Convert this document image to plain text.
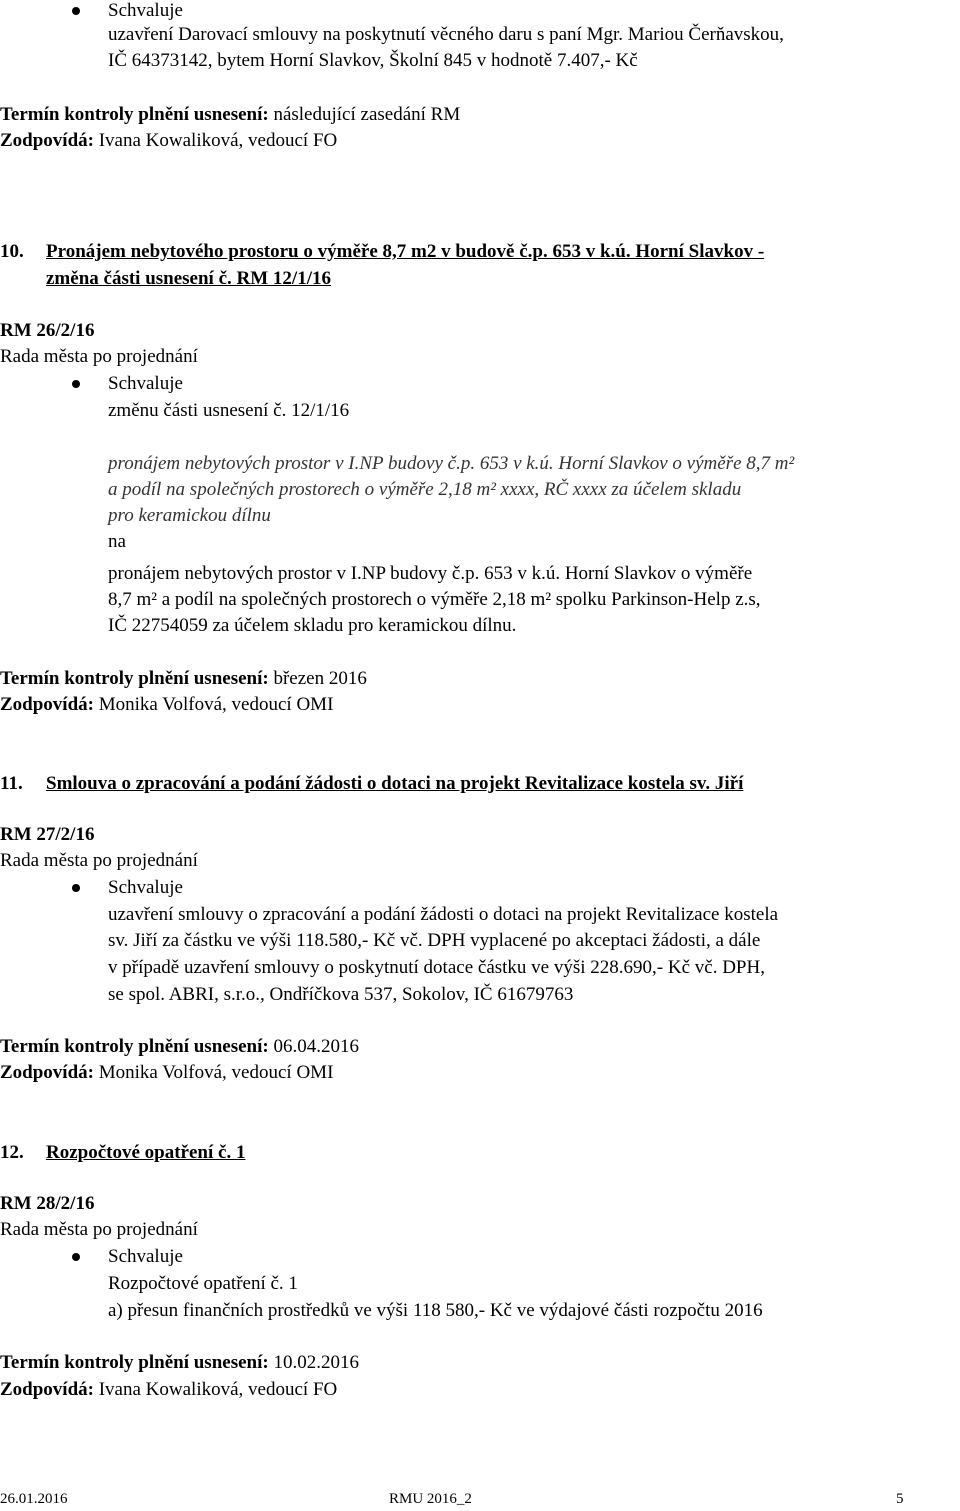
Schvaluje
uzavření Darovací smlouvy na poskytnutí věcného daru s paní Mgr. Mariou Čerňavskou,
IČ 64373142, bytem Horní Slavkov, Školní 845 v hodnotě 7.407,- Kč
Termín kontroly plnění usnesení: následující zasedání RM
Zodpovídá: Ivana Kowaliková, vedoucí FO
10. Pronájem nebytového prostoru o výměře 8,7 m2 v budově č.p. 653 v k.ú. Horní Slavkov -
změna části usnesení č. RM 12/1/16
RM 26/2/16
Rada města po projednání
Schvaluje
změnu části usnesení č. 12/1/16
pronájem nebytových prostor v I.NP budovy č.p. 653 v k.ú. Horní Slavkov o výměře 8,7 m²
a podíl na společných prostorech o výměře 2,18 m² xxxx, RČ xxxx za účelem skladu
pro keramickou dílnu
na
pronájem nebytových prostor v I.NP budovy č.p. 653 v k.ú. Horní Slavkov o výměře
8,7 m² a podíl na společných prostorech o výměře 2,18 m² spolku Parkinson-Help z.s,
IČ 22754059 za účelem skladu pro keramickou dílnu.
Termín kontroly plnění usnesení: březen 2016
Zodpovídá: Monika Volfová, vedoucí OMI
11. Smlouva o zpracování a podání žádosti o dotaci na projekt Revitalizace kostela sv. Jiří
RM 27/2/16
Rada města po projednání
Schvaluje
uzavření smlouvy o zpracování a podání žádosti o dotaci na projekt Revitalizace kostela
sv. Jiří za částku ve výši 118.580,- Kč vč. DPH vyplacené po akceptaci žádosti, a dále
v případě uzavření smlouvy o poskytnutí dotace částku ve výši 228.690,- Kč vč. DPH,
se spol. ABRI, s.r.o., Ondříčkova 537, Sokolov, IČ 61679763
Termín kontroly plnění usnesení: 06.04.2016
Zodpovídá: Monika Volfová, vedoucí OMI
12. Rozpočtové opatření č. 1
RM 28/2/16
Rada města po projednání
Schvaluje
Rozpočtové opatření č. 1
a) přesun finančních prostředků ve výši 118 580,- Kč ve výdajové části rozpočtu 2016
Termín kontroly plnění usnesení: 10.02.2016
Zodpovídá: Ivana Kowaliková, vedoucí FO
26.01.2016	RMU 2016_2	5
